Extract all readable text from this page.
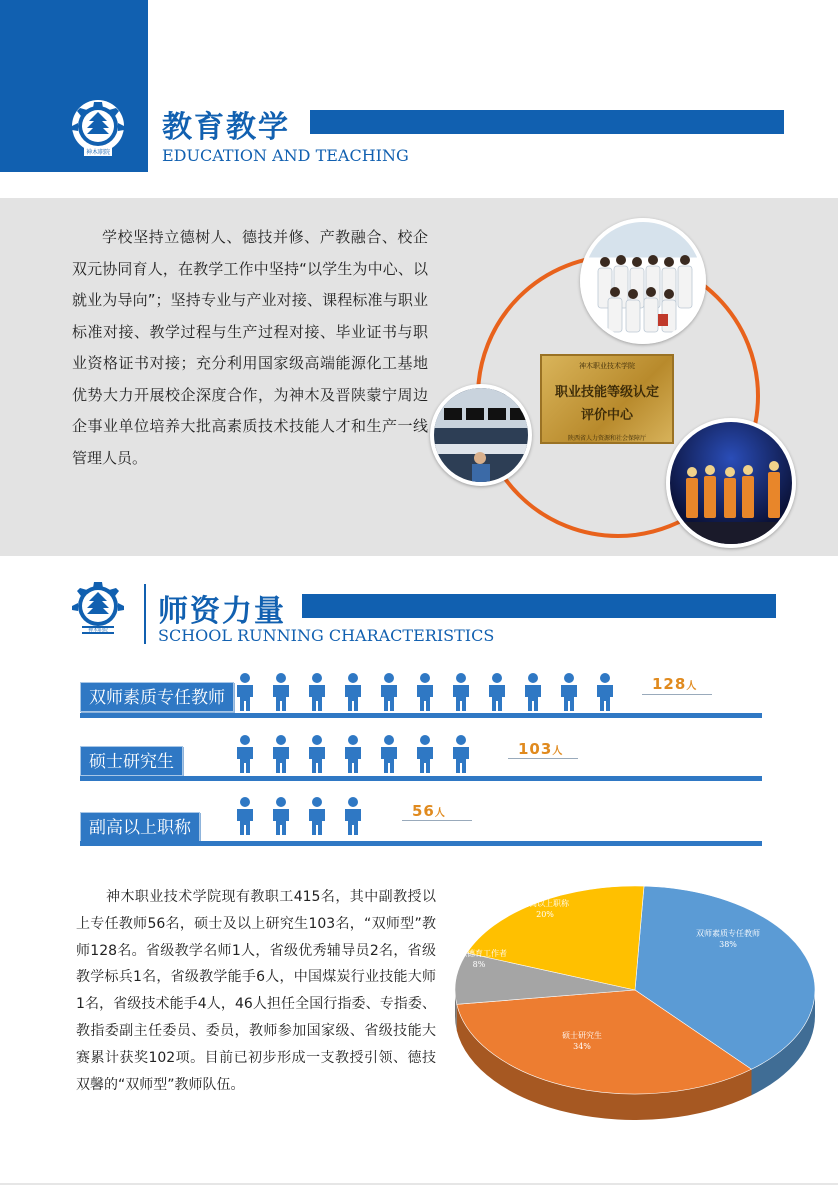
神木职院
教育教学
EDUCATION AND TEACHING
学校坚持立德树人、德技并修、产教融合、校企双元协同育人，在教学工作中坚持“以学生为中心、以就业为导向”；坚持专业与产业对接、课程标准与职业标准对接、教学过程与生产过程对接、毕业证书与职业资格证书对接；充分利用国家级高端能源化工基地优势大力开展校企深度合作，为神木及晋陕蒙宁周边企事业单位培养大批高素质技术技能人才和生产一线管理人员。
神木职业技术学院
职业技能等级认定
评价中心
陕西省人力资源和社会保障厅
神木职院
师资力量
SCHOOL RUNNING CHARACTERISTICS
双师素质专任教师
128人
硕士研究生
103人
副高以上职称
56人
神木职业技术学院现有教职工415名，其中副教授以上专任教师56名，硕士及以上研究生103名，“双师型”教师128名。省级教学名师1人，省级优秀辅导员2名，省级教学标兵1名，省级教学能手6人，中国煤炭行业技能大师1名，省级技术能手4人，46人担任全国行指委、专指委、教指委副主任委员、委员，教师参加国家级、省级技能大赛累计获奖102项。目前已初步形成一支教授引领、德技双馨的“双师型”教师队伍。
双师素质专任教师
38%
硕士研究生
34%
专职德育工作者
8%
副高以上职称
20%
